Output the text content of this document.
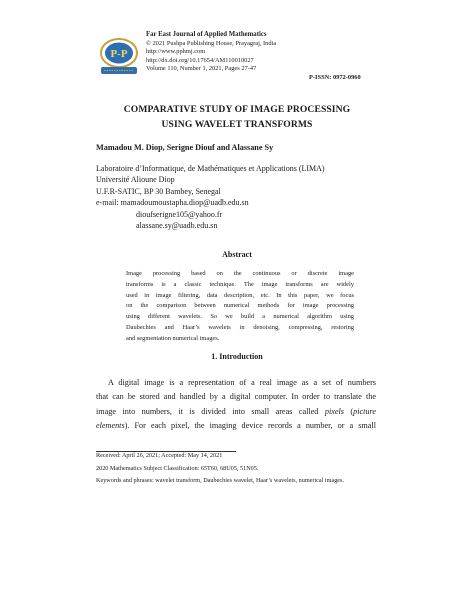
P-P
Far East Journal of Applied Mathematics
© 2021 Pushpa Publishing House, Prayagraj, India
http://www.pphmj.com
http://dx.doi.org/10.17654/AM110010027
Volume 110, Number 1, 2021, Pages 27-47
P-ISSN: 0972-0960
COMPARATIVE STUDY OF IMAGE PROCESSING
USING WAVELET TRANSFORMS
Mamadou M. Diop, Serigne Diouf and Alassane Sy
Laboratoire d’Informatique, de Mathématiques et Applications (LIMA)
Université Alioune Diop
U.F.R-SATIC, BP 30 Bambey, Senegal
e-mail: mamadoumoustapha.diop@uadb.edu.sn
dioufserigne105@yahoo.fr
alassane.sy@uadb.edu.sn
Abstract
Image processing based on the continuous or discrete image
transforms is a classic technique. The image transforms are widely
used in image filtering, data description, etc. In this paper, we focus
on the comparison between numerical methods for image processing
using different wavelets. So we build a numerical algorithm using
Daubechies and Haar’s wavelets in denoising, compressing, restoring
and segmentation numerical images.
1. Introduction
A digital image is a representation of a real image as a set of numbers
that can be stored and handled by a digital computer. In order to translate the
image into numbers, it is divided into small areas called pixels (picture
elements). For each pixel, the imaging device records a number, or a small
Received: April 26, 2021; Accepted: May 14, 2021
2020 Mathematics Subject Classification: 65T60, 68U05, 51N05.
Keywords and phrases: wavelet transform, Daubechies wavelet, Haar’s wavelets, numerical images.
